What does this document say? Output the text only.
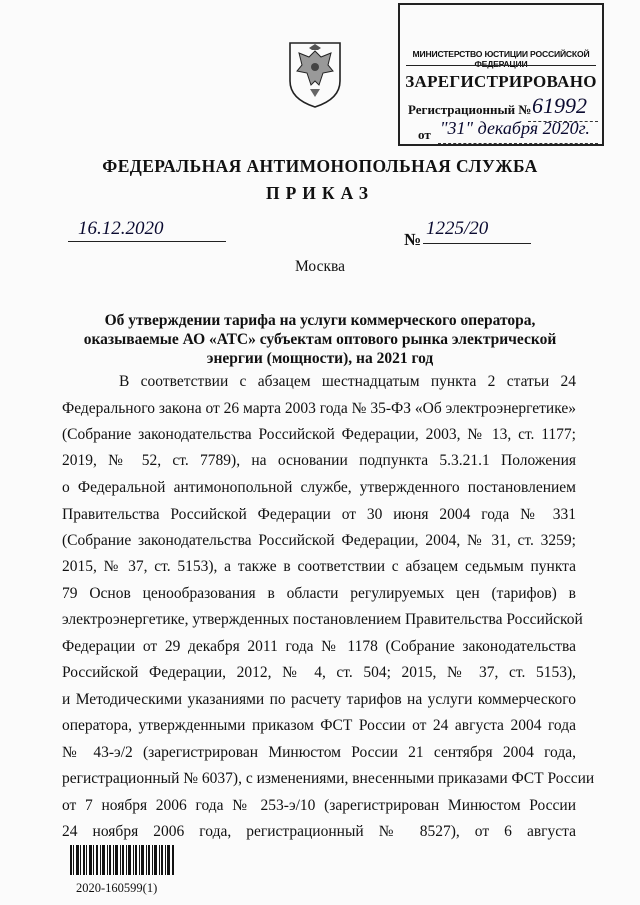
МИНИСТЕРСТВО ЮСТИЦИИ РОССИЙСКОЙ ФЕДЕРАЦИИ
ЗАРЕГИСТРИРОВАНО
Регистрационный № 61992
от "31" декабря 2020г.
ФЕДЕРАЛЬНАЯ АНТИМОНОПОЛЬНАЯ СЛУЖБА
ПРИКАЗ
16.12.2020
№
1225/20
Москва
Об утверждении тарифа на услуги коммерческого оператора, оказываемые АО «АТС» субъектам оптового рынка электрической энергии (мощности), на 2021 год
В соответствии с абзацем шестнадцатым пункта 2 статьи 24
Федерального закона от 26 марта 2003 года № 35-ФЗ «Об электроэнергетике»
(Собрание законодательства Российской Федерации, 2003, № 13, ст. 1177;
2019, № 52, ст. 7789), на основании подпункта 5.3.21.1 Положения
о Федеральной антимонопольной службе, утвержденного постановлением
Правительства Российской Федерации от 30 июня 2004 года № 331
(Собрание законодательства Российской Федерации, 2004, № 31, ст. 3259;
2015, № 37, ст. 5153), а также в соответствии с абзацем седьмым пункта
79 Основ ценообразования в области регулируемых цен (тарифов) в
электроэнергетике, утвержденных постановлением Правительства Российской
Федерации от 29 декабря 2011 года № 1178 (Собрание законодательства
Российской Федерации, 2012, № 4, ст. 504; 2015, № 37, ст. 5153),
и Методическими указаниями по расчету тарифов на услуги коммерческого
оператора, утвержденными приказом ФСТ России от 24 августа 2004 года
№ 43-э/2 (зарегистрирован Минюстом России 21 сентября 2004 года,
регистрационный № 6037), с изменениями, внесенными приказами ФСТ России
от 7 ноября 2006 года № 253-э/10 (зарегистрирован Минюстом России
24 ноября 2006 года, регистрационный № 8527), от 6 августа
2020-160599(1)
